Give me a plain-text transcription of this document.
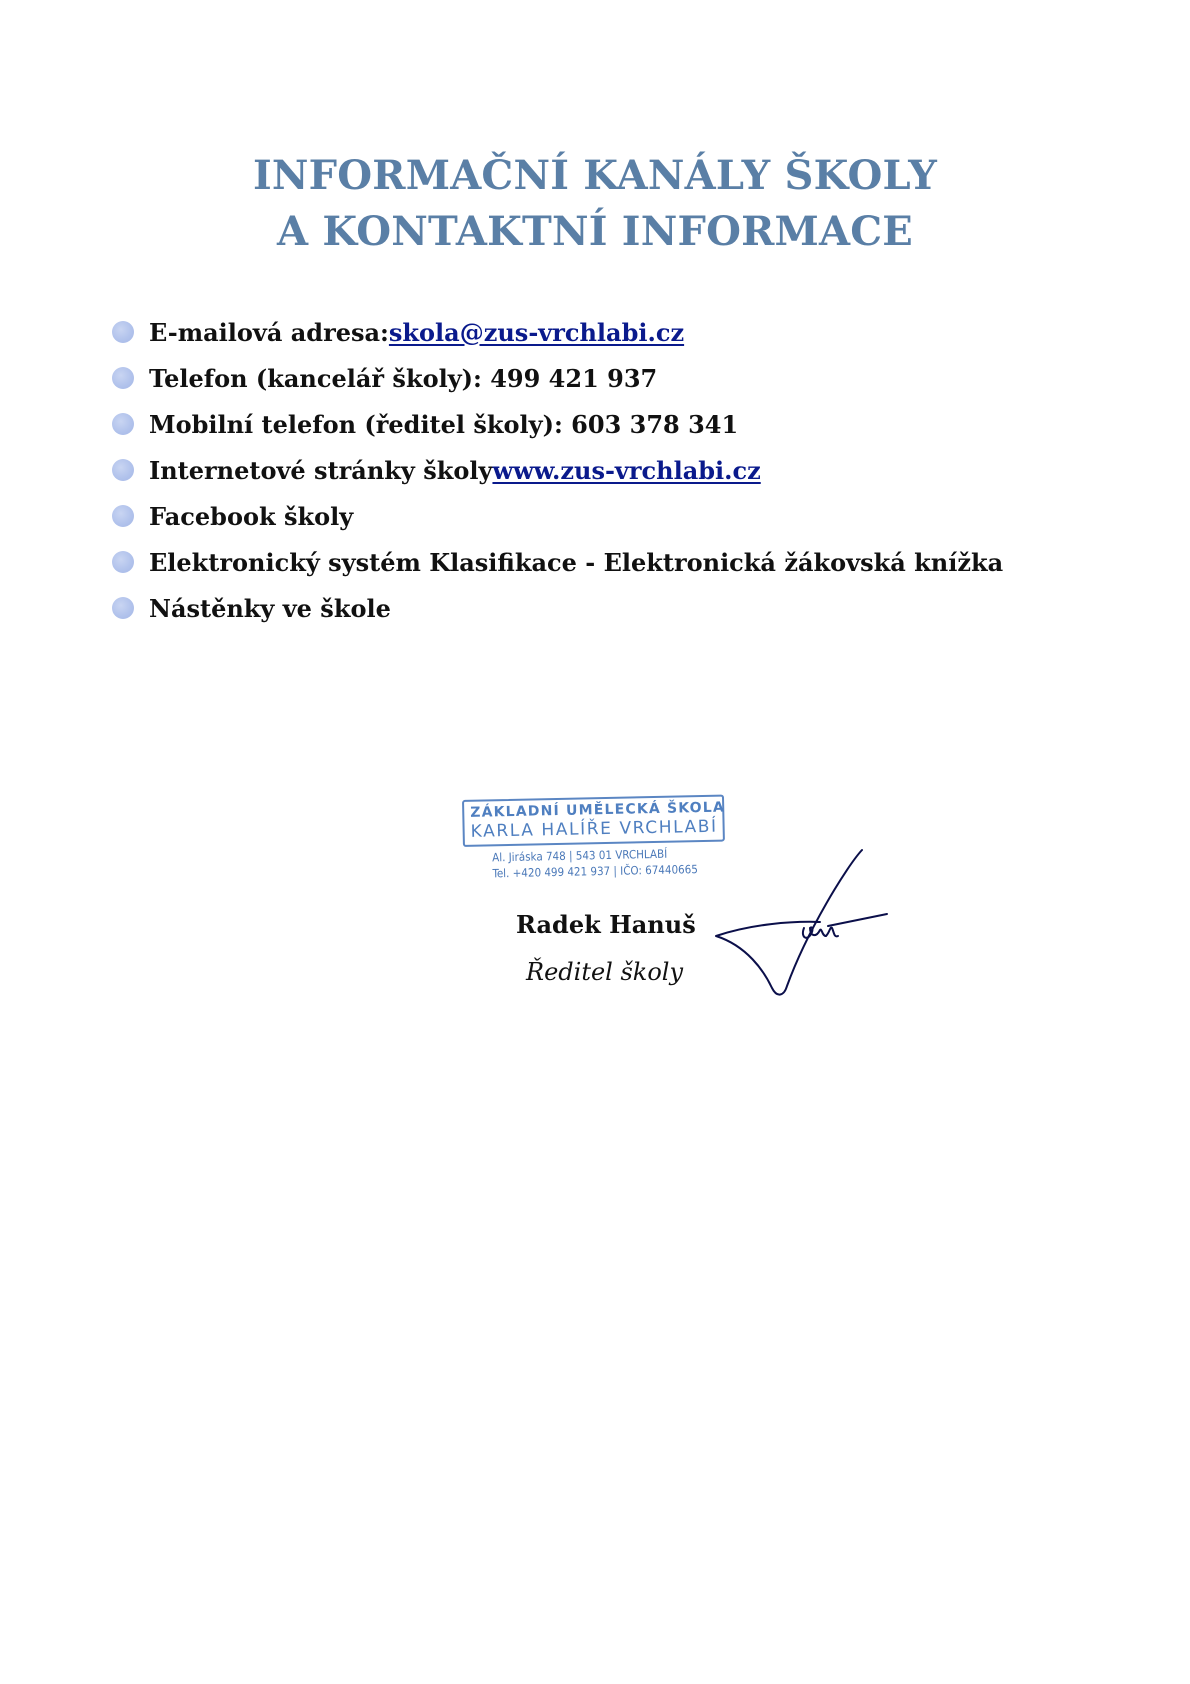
INFORMAČNÍ KANÁLY ŠKOLY
A KONTAKTNÍ INFORMACE
E-mailová adresa: skola@zus-vrchlabi.cz
Telefon (kancelář školy): 499 421 937
Mobilní telefon (ředitel školy): 603 378 341
Internetové stránky školy www.zus-vrchlabi.cz
Facebook školy
Elektronický systém Klasifikace - Elektronická žákovská knížka
Nástěnky ve škole
ZÁKLADNÍ UMĚLECKÁ ŠKOLA
KARLA HALÍŘE VRCHLABÍ
Al. Jiráska 748 | 543 01 VRCHLABÍ
Tel. +420 499 421 937 | IČO: 67440665
Radek Hanuš
Ředitel školy
